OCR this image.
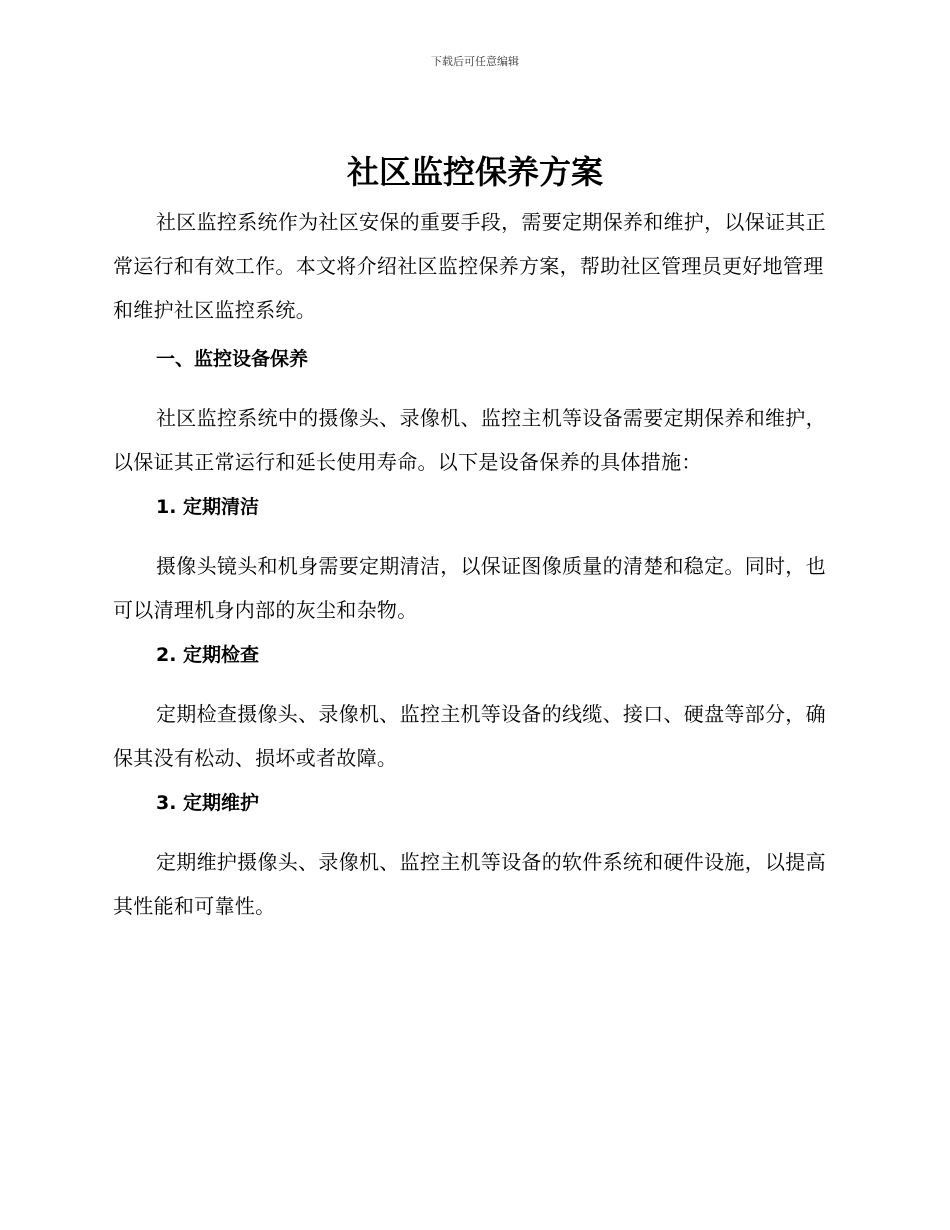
下载后可任意编辑
社区监控保养方案

社区监控系统作为社区安保的重要手段，需要定期保养和维护，以保证其正常运行和有效工作。本文将介绍社区监控保养方案，帮助社区管理员更好地管理和维护社区监控系统。

一、监控设备保养

社区监控系统中的摄像头、录像机、监控主机等设备需要定期保养和维护，以保证其正常运行和延长使用寿命。以下是设备保养的具体措施：

1. 定期清洁

摄像头镜头和机身需要定期清洁，以保证图像质量的清楚和稳定。同时，也可以清理机身内部的灰尘和杂物。

2. 定期检查

定期检查摄像头、录像机、监控主机等设备的线缆、接口、硬盘等部分，确保其没有松动、损坏或者故障。

3. 定期维护

定期维护摄像头、录像机、监控主机等设备的软件系统和硬件设施，以提高其性能和可靠性。
